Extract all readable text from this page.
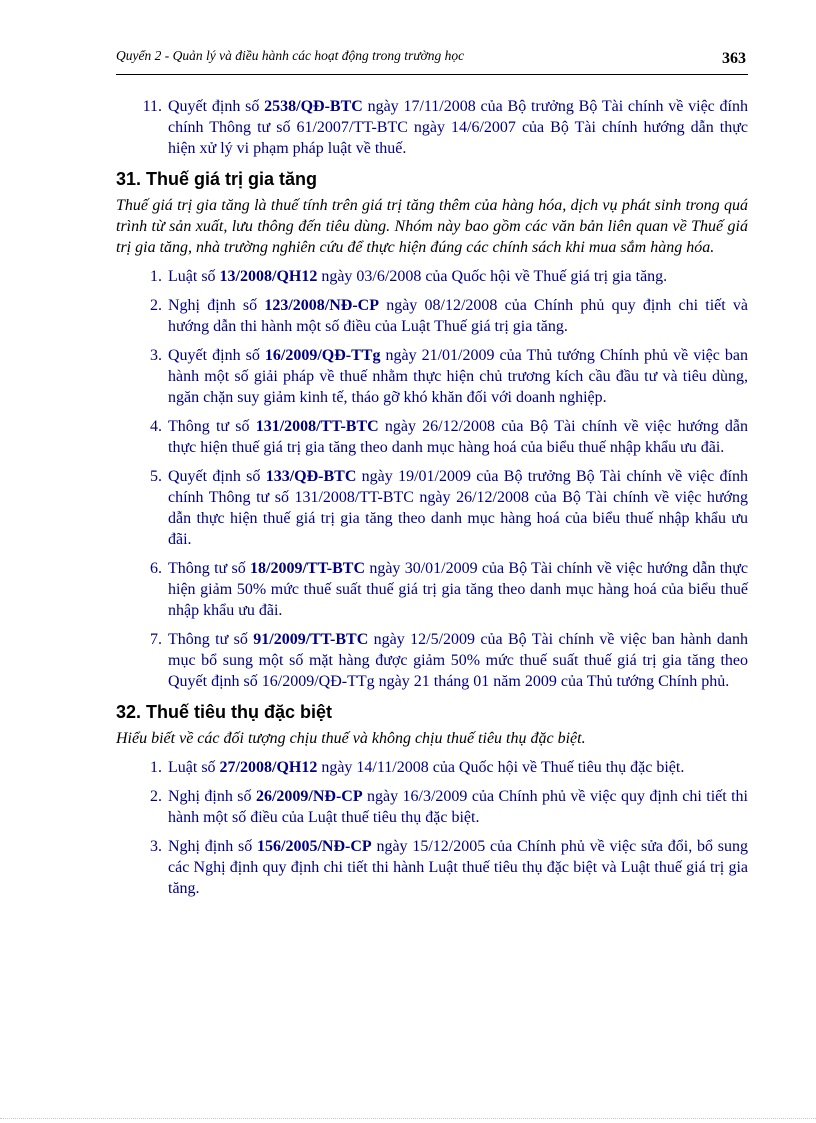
Quyển 2 - Quản lý và điều hành các hoạt động trong trường học	363
11. Quyết định số 2538/QĐ-BTC ngày 17/11/2008 của Bộ trưởng Bộ Tài chính về việc đính chính Thông tư số 61/2007/TT-BTC ngày 14/6/2007 của Bộ Tài chính hướng dẫn thực hiện xử lý vi phạm pháp luật về thuế.
31. Thuế giá trị gia tăng

Thuế giá trị gia tăng là thuế tính trên giá trị tăng thêm của hàng hóa, dịch vụ phát sinh trong quá trình từ sản xuất, lưu thông đến tiêu dùng. Nhóm này bao gồm các văn bản liên quan về Thuế giá trị gia tăng, nhà trường nghiên cứu để thực hiện đúng các chính sách khi mua sắm hàng hóa.

1. Luật số 13/2008/QH12 ngày 03/6/2008 của Quốc hội về Thuế giá trị gia tăng.
2. Nghị định số 123/2008/NĐ-CP ngày 08/12/2008 của Chính phủ quy định chi tiết và hướng dẫn thi hành một số điều của Luật Thuế giá trị gia tăng.
3. Quyết định số 16/2009/QĐ-TTg ngày 21/01/2009 của Thủ tướng Chính phủ về việc ban hành một số giải pháp về thuế nhằm thực hiện chủ trương kích cầu đầu tư và tiêu dùng, ngăn chặn suy giảm kinh tế, tháo gỡ khó khăn đối với doanh nghiệp.
4. Thông tư số 131/2008/TT-BTC ngày 26/12/2008 của Bộ Tài chính về việc hướng dẫn thực hiện thuế giá trị gia tăng theo danh mục hàng hoá của biểu thuế nhập khẩu ưu đãi.
5. Quyết định số 133/QĐ-BTC ngày 19/01/2009 của Bộ trưởng Bộ Tài chính về việc đính chính Thông tư số 131/2008/TT-BTC ngày 26/12/2008 của Bộ Tài chính về việc hướng dẫn thực hiện thuế giá trị gia tăng theo danh mục hàng hoá của biểu thuế nhập khẩu ưu đãi.
6. Thông tư số 18/2009/TT-BTC ngày 30/01/2009 của Bộ Tài chính về việc hướng dẫn thực hiện giảm 50% mức thuế suất thuế giá trị gia tăng theo danh mục hàng hoá của biểu thuế nhập khẩu ưu đãi.
7. Thông tư số 91/2009/TT-BTC ngày 12/5/2009 của Bộ Tài chính về việc ban hành danh mục bổ sung một số mặt hàng được giảm 50% mức thuế suất thuế giá trị gia tăng theo Quyết định số 16/2009/QĐ-TTg ngày 21 tháng 01 năm 2009 của Thủ tướng Chính phủ.
32. Thuế tiêu thụ đặc biệt

Hiểu biết về các đối tượng chịu thuế và không chịu thuế tiêu thụ đặc biệt.

1. Luật số 27/2008/QH12 ngày 14/11/2008 của Quốc hội về Thuế tiêu thụ đặc biệt.
2. Nghị định số 26/2009/NĐ-CP ngày 16/3/2009 của Chính phủ về việc quy định chi tiết thi hành một số điều của Luật thuế tiêu thụ đặc biệt.
3. Nghị định số 156/2005/NĐ-CP ngày 15/12/2005 của Chính phủ về việc sửa đổi, bổ sung các Nghị định quy định chi tiết thi hành Luật thuế tiêu thụ đặc biệt và Luật thuế giá trị gia tăng.
